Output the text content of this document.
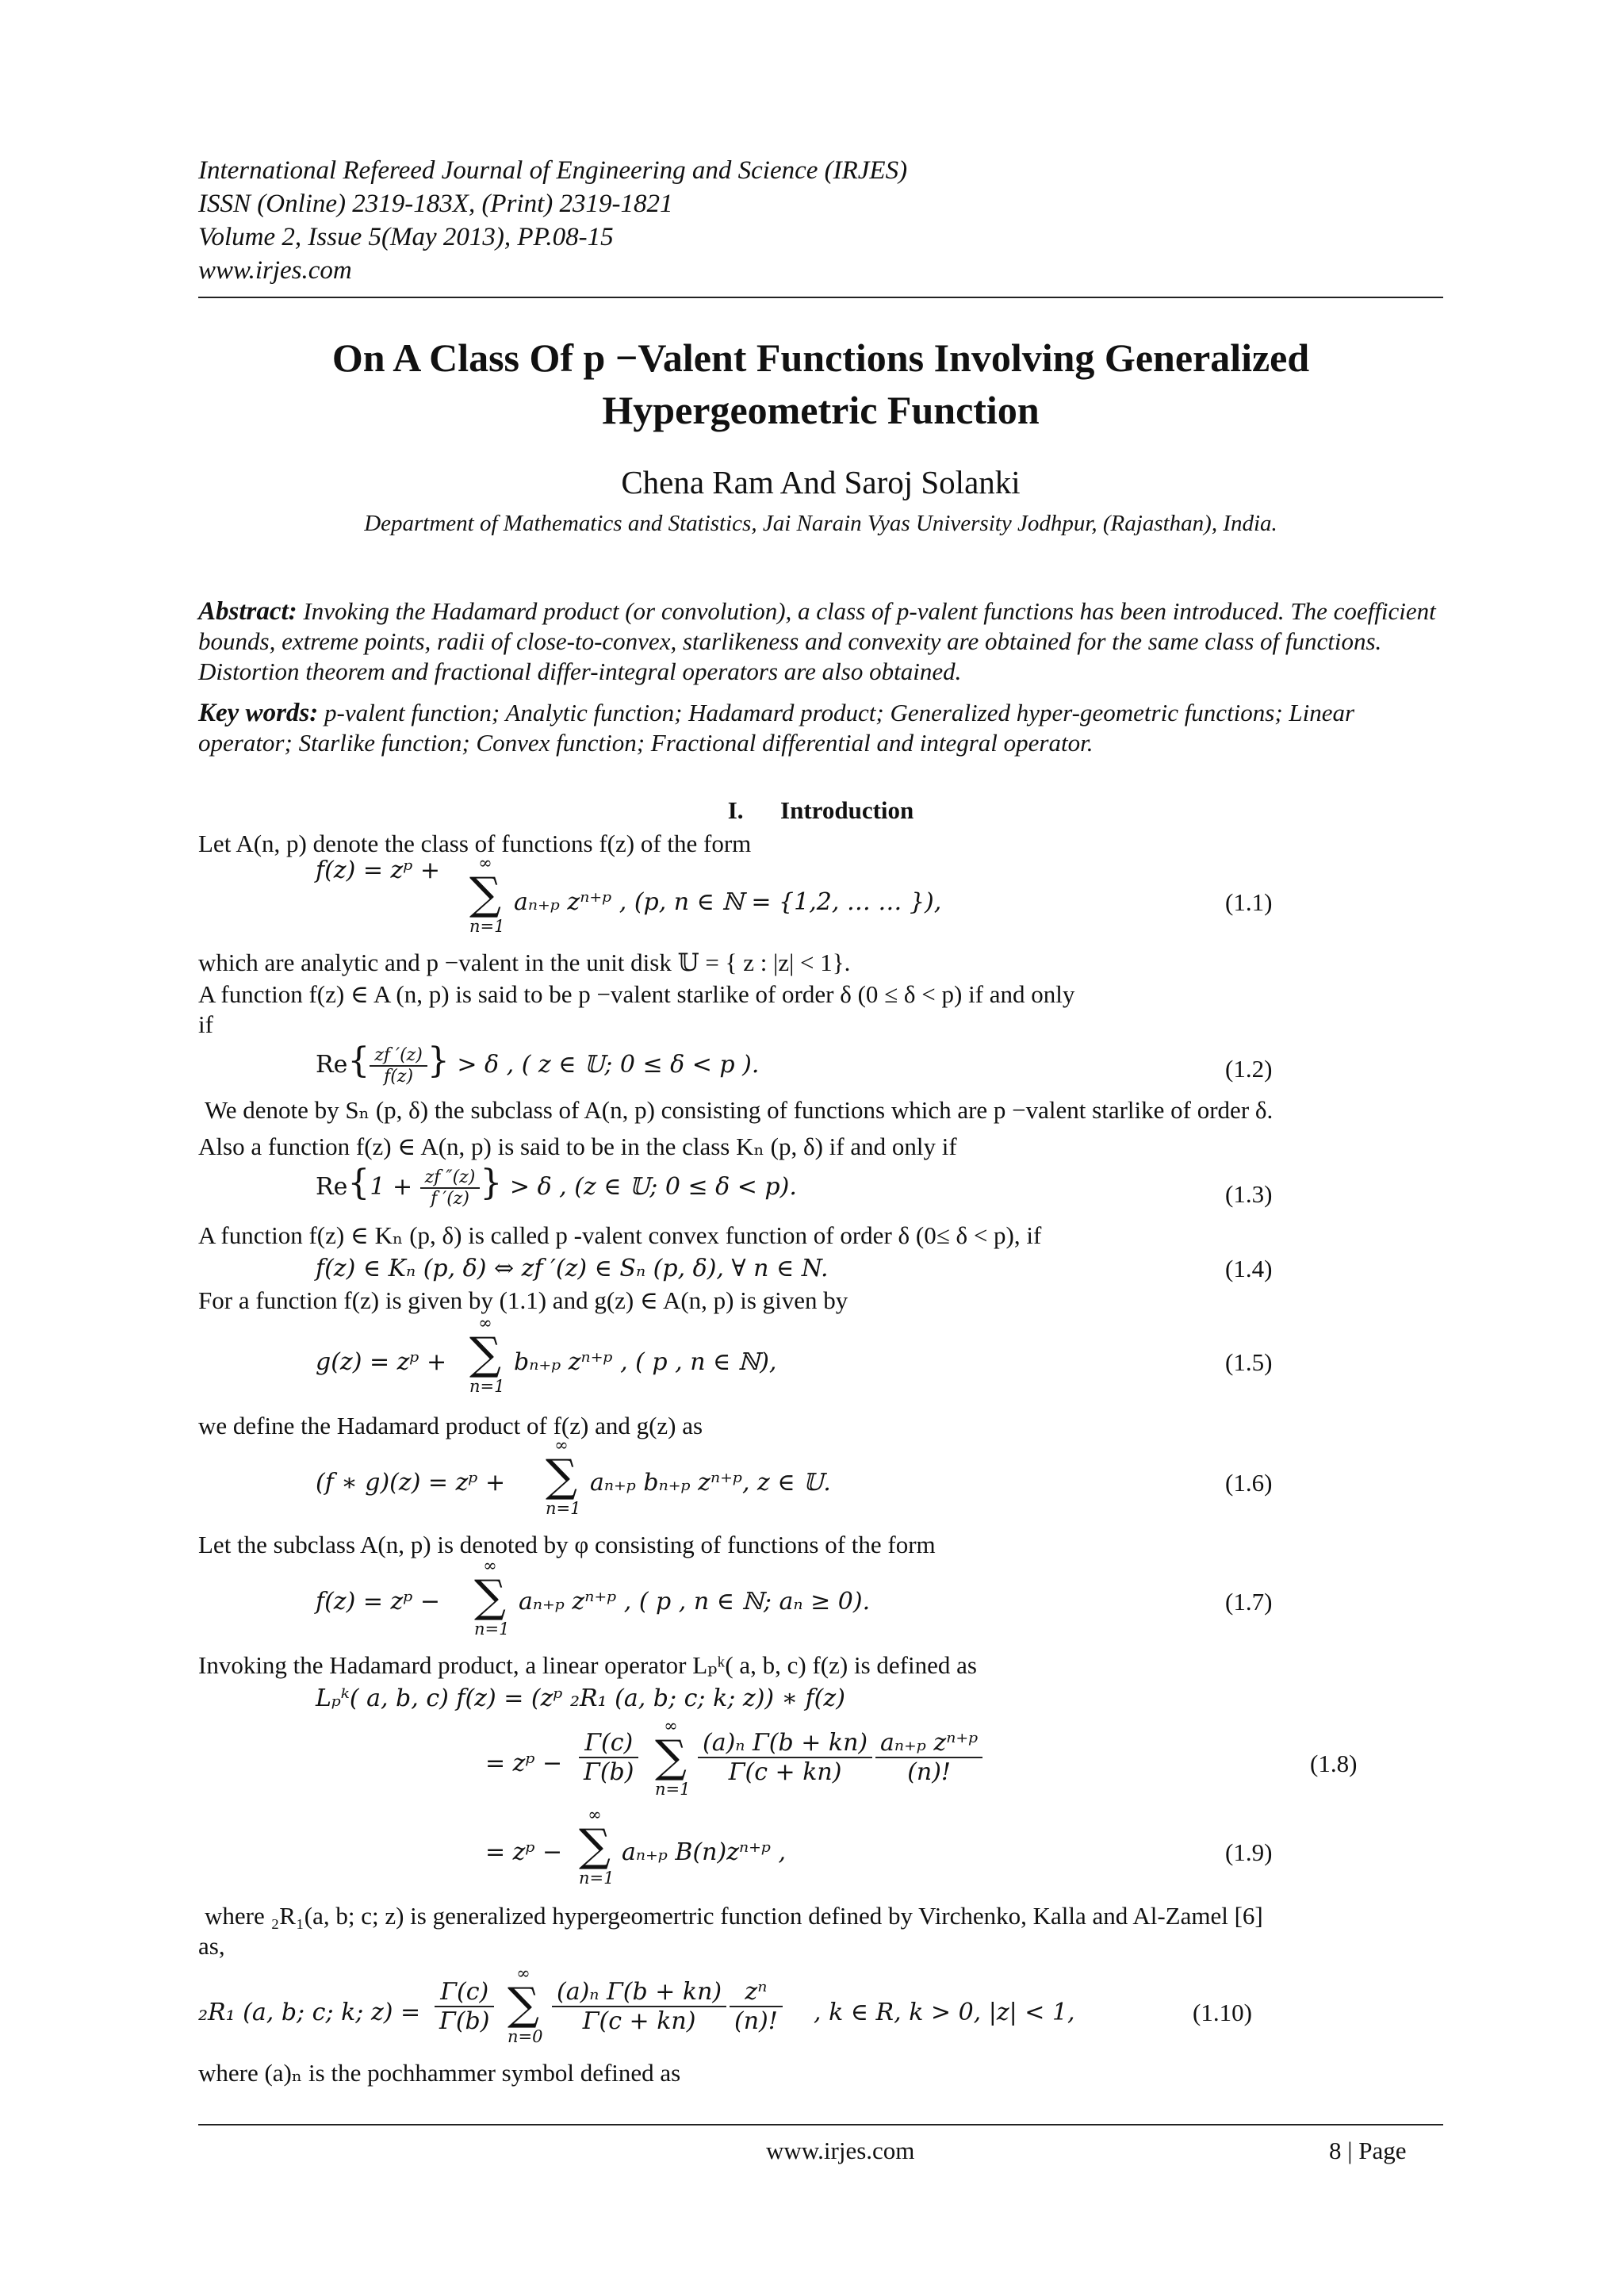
International Refereed Journal of Engineering and Science (IRJES)
ISSN (Online) 2319-183X, (Print) 2319-1821
Volume 2, Issue 5(May 2013), PP.08-15
www.irjes.com
On A Class Of p −Valent Functions Involving Generalized
Hypergeometric Function
Chena Ram And Saroj Solanki
Department of Mathematics and Statistics, Jai Narain Vyas University Jodhpur, (Rajasthan), India.
Abstract: Invoking the Hadamard product (or convolution), a class of p-valent functions has been introduced. The coefficient bounds, extreme points, radii of close-to-convex, starlikeness and convexity are obtained for the same class of functions. Distortion theorem and fractional differ-integral operators are also obtained.
Key words: p-valent function; Analytic function; Hadamard product; Generalized hyper-geometric functions; Linear operator; Starlike function; Convex function; Fractional differential and integral operator.
I. Introduction
Let A(n, p) denote the class of functions f(z) of the form
f(z) = zᵖ +	∞
∑
n=1
aₙ₊ₚ zⁿ⁺ᵖ , (p, n ∈ ℕ = {1,2, … … }),	(1.1)
which are analytic and p −valent in the unit disk 𝕌 = { z : |z| < 1}.
A function f(z) ∈ A (n, p) is said to be p −valent starlike of order δ (0 ≤ δ < p) if and only
if
$Re\{ \frac{zf '(z)}{f(z)}$ } > δ , ( z ∈ 𝕌; 0 ≤ δ < p ).	(1.2)
We denote by Sₙ (p, δ) the subclass of A(n, p) consisting of functions which are p −valent starlike of order δ.
Also a function f(z) ∈ A(n, p) is said to be in the class Kₙ (p, δ) if and only if
$Re\{1 + \frac{zf ''(z)}{f '(z)}$ } > δ , (z ∈ 𝕌; 0 ≤ δ < p).	(1.3)
A function f(z) ∈ Kₙ (p, δ) is called p -valent convex function of order δ (0≤ δ < p), if
f(z) ∈ Kₙ (p, δ) ⇔ zf ′(z) ∈ Sₙ (p, δ), ∀ n ∈ N.	(1.4)
For a function f(z) is given by (1.1) and g(z) ∈ A(n, p) is given by
g(z) = zᵖ +
∞
∑
n=1
bₙ₊ₚ zⁿ⁺ᵖ , ( p , n ∈ ℕ),	(1.5)
we define the Hadamard product of f(z) and g(z) as
(f ∗ g)(z) = zᵖ +
∞
∑
n=1
aₙ₊ₚ bₙ₊ₚ zⁿ⁺ᵖ, z ∈ 𝕌.	(1.6)
Let the subclass A(n, p) is denoted by φ consisting of functions of the form
f(z) = zᵖ −
∞
∑
n=1
aₙ₊ₚ zⁿ⁺ᵖ , ( p , n ∈ ℕ; aₙ ≥ 0).	(1.7)
Invoking the Hadamard product, a linear operator Lₚᵏ( a, b, c) f(z) is defined as
Lₚᵏ( a, b, c) f(z) = (zᵖ ₂R₁ (a, b; c; k; z)) ∗ f(z)
= zᵖ − $\frac{\Gamma(c)}{\Gamma(b)}$
∞
∑
n=1
$\frac{\text{(a)ₙ Γ(b + kn)}}{\Gamma(c + kn)} \frac{\text{aₙ₊ₚ zⁿ⁺ᵖ}}{(n)!}$	(1.8)
= zᵖ −
∞
∑
n=1
aₙ₊ₚ B(n)zⁿ⁺ᵖ ,	(1.9)
where ₂R₁(a, b; c; z) is generalized hypergeomertric function defined by Virchenko, Kalla and Al-Zamel [6]
as,
₂R₁ (a, b; c; k; $z) = \frac{\Gamma(c)}{\Gamma(b)}$
∞
∑
n=0
$\frac{\text{(a)ₙ Γ(b + kn)}}{\Gamma(c + kn)} \frac{\text{zⁿ}}{(n)!}$ , k ∈ R, k > 0, |z| < 1,	(1.10)
where (a)ₙ is the pochhammer symbol defined as
www.irjes.com	8 | Page
